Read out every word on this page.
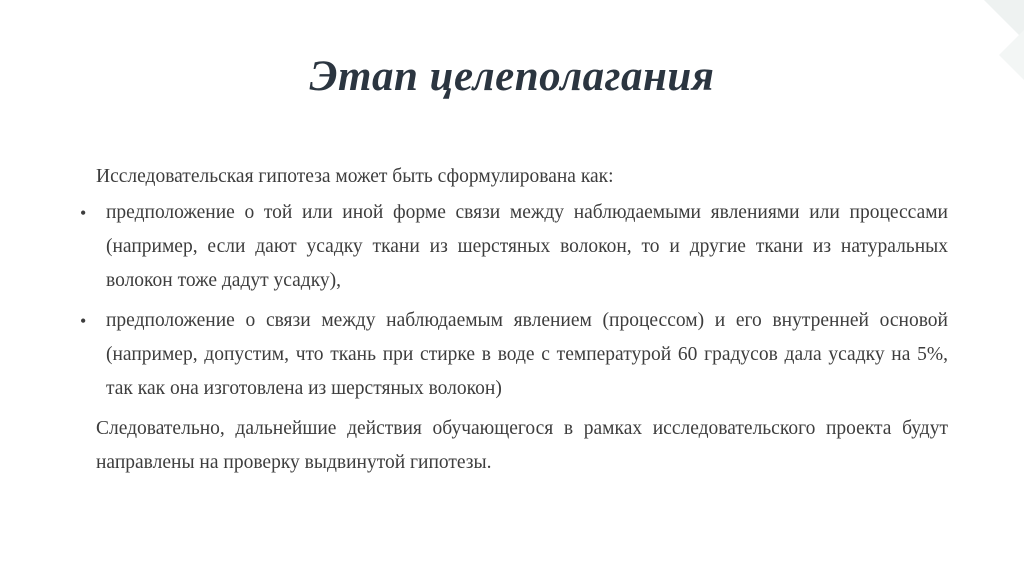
Этап целеполагания

Исследовательская гипотеза может быть сформулирована как:

• предположение о той или иной форме связи между наблюдаемыми явлениями или процессами (например, если дают усадку ткани из шерстяных волокон, то и другие ткани из натуральных волокон тоже дадут усадку),
• предположение о связи между наблюдаемым явлением (процессом) и его внутренней основой (например, допустим, что ткань при стирке в воде с температурой 60 градусов дала усадку на 5%, так как она изготовлена из шерстяных волокон)

Следовательно, дальнейшие действия обучающегося в рамках исследовательского проекта будут направлены на проверку выдвинутой гипотезы.
